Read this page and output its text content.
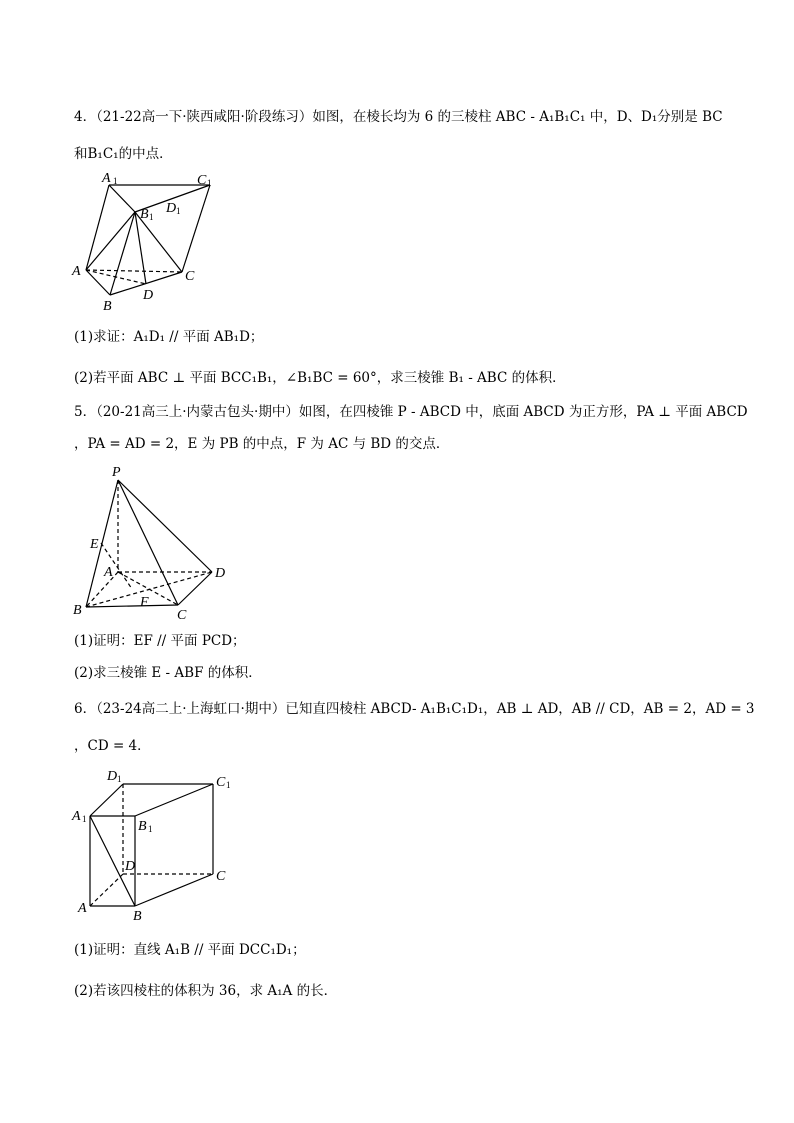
4．（21-22高一下·陕西咸阳·阶段练习）如图，在棱长均为 6 的三棱柱 ABC - A₁B₁C₁ 中，D、D₁分别是 BC
和B₁C₁的中点．
A 1	C 1
B 1
D 1
A	C
D
B
(1)求证：A₁D₁ // 平面 AB₁D；
(2)若平面 ABC ⊥ 平面 BCC₁B₁，∠B₁BC = 60°，求三棱锥 B₁ - ABC 的体积．
5．（20-21高三上·内蒙古包头·期中）如图，在四棱锥 P - ABCD 中，底面 ABCD 为正方形，PA ⊥ 平面 ABCD
，PA = AD = 2，E 为 PB 的中点，F 为 AC 与 BD 的交点．
P
E
A	D
B
F
C
(1)证明：EF // 平面 PCD；
(2)求三棱锥 E - ABF 的体积．
6．（23-24高二上·上海虹口·期中）已知直四棱柱 ABCD- A₁B₁C₁D₁，AB ⊥ AD，AB // CD，AB = 2，AD = 3
，CD = 4．
D 1	C 1
A 1	B 1
D
C
A
B
(1)证明：直线 A₁B // 平面 DCC₁D₁；
(2)若该四棱柱的体积为 36，求 A₁A 的长．
